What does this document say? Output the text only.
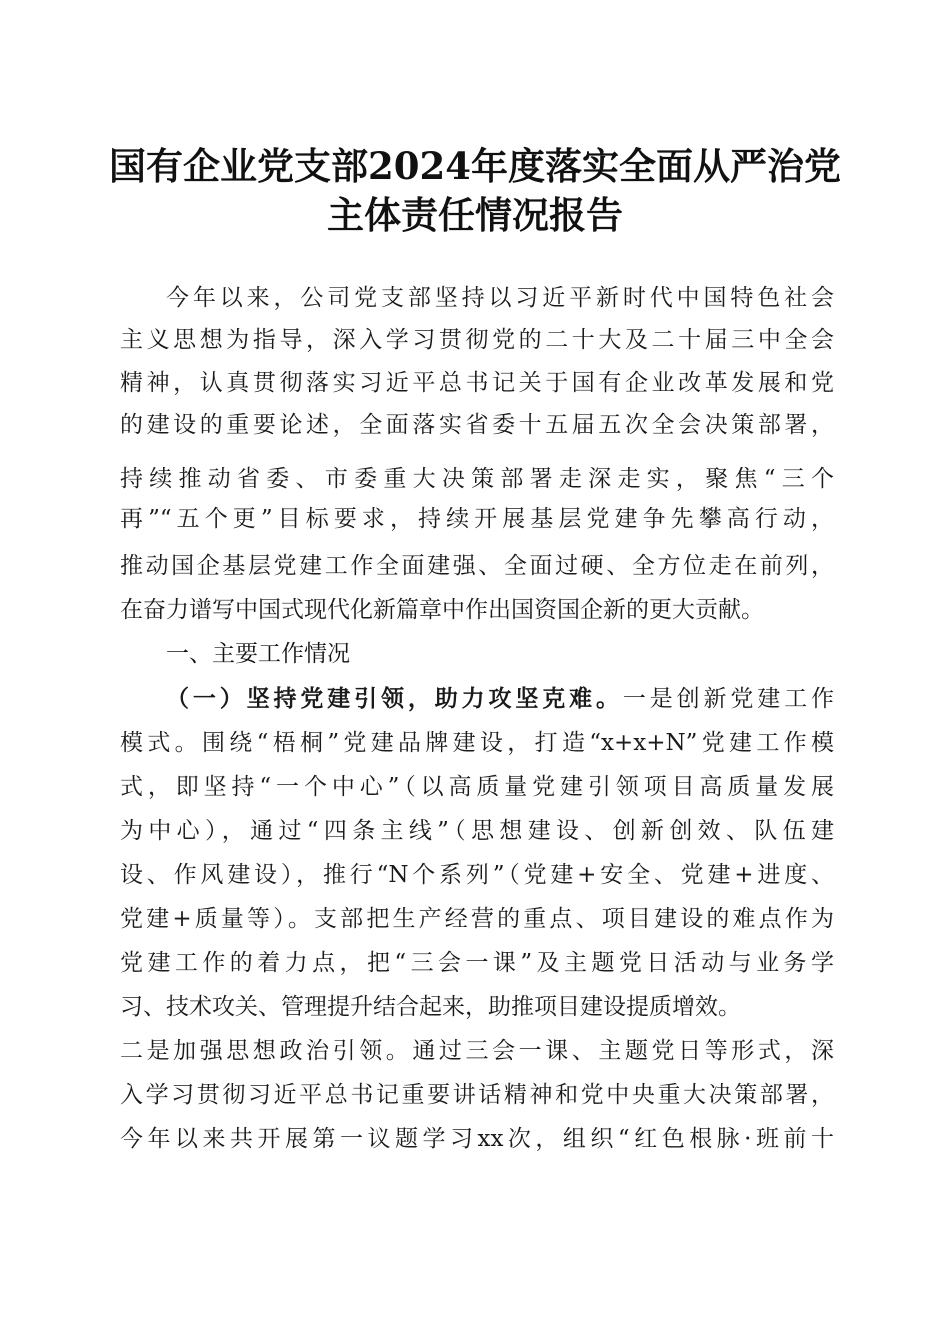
国有企业党支部2024年度落实全面从严治党
主体责任情况报告
今年以来，公司党支部坚持以习近平新时代中国特色社会
主义思想为指导，深入学习贯彻党的二十大及二十届三中全会
精神，认真贯彻落实习近平总书记关于国有企业改革发展和党
的建设的重要论述，全面落实省委十五届五次全会决策部署，
持续推动省委、市委重大决策部署走深走实，聚焦“三个
再”“五个更”目标要求，持续开展基层党建争先攀高行动，
推动国企基层党建工作全面建强、全面过硬、全方位走在前列，
在奋力谱写中国式现代化新篇章中作出国资国企新的更大贡献。
一、主要工作情况
（一）坚持党建引领，助力攻坚克难。一是创新党建工作
模式。围绕“梧桐”党建品牌建设，打造“x+x+N”党建工作模
式，即坚持“一个中心”（以高质量党建引领项目高质量发展
为中心），通过“四条主线”（思想建设、创新创效、队伍建
设、作风建设），推行“N个系列”（党建+安全、党建+进度、
党建+质量等）。支部把生产经营的重点、项目建设的难点作为
党建工作的着力点，把“三会一课”及主题党日活动与业务学
习、技术攻关、管理提升结合起来，助推项目建设提质增效。
二是加强思想政治引领。通过三会一课、主题党日等形式，深
入学习贯彻习近平总书记重要讲话精神和党中央重大决策部署，
今年以来共开展第一议题学习xx次，组织“红色根脉·班前十
